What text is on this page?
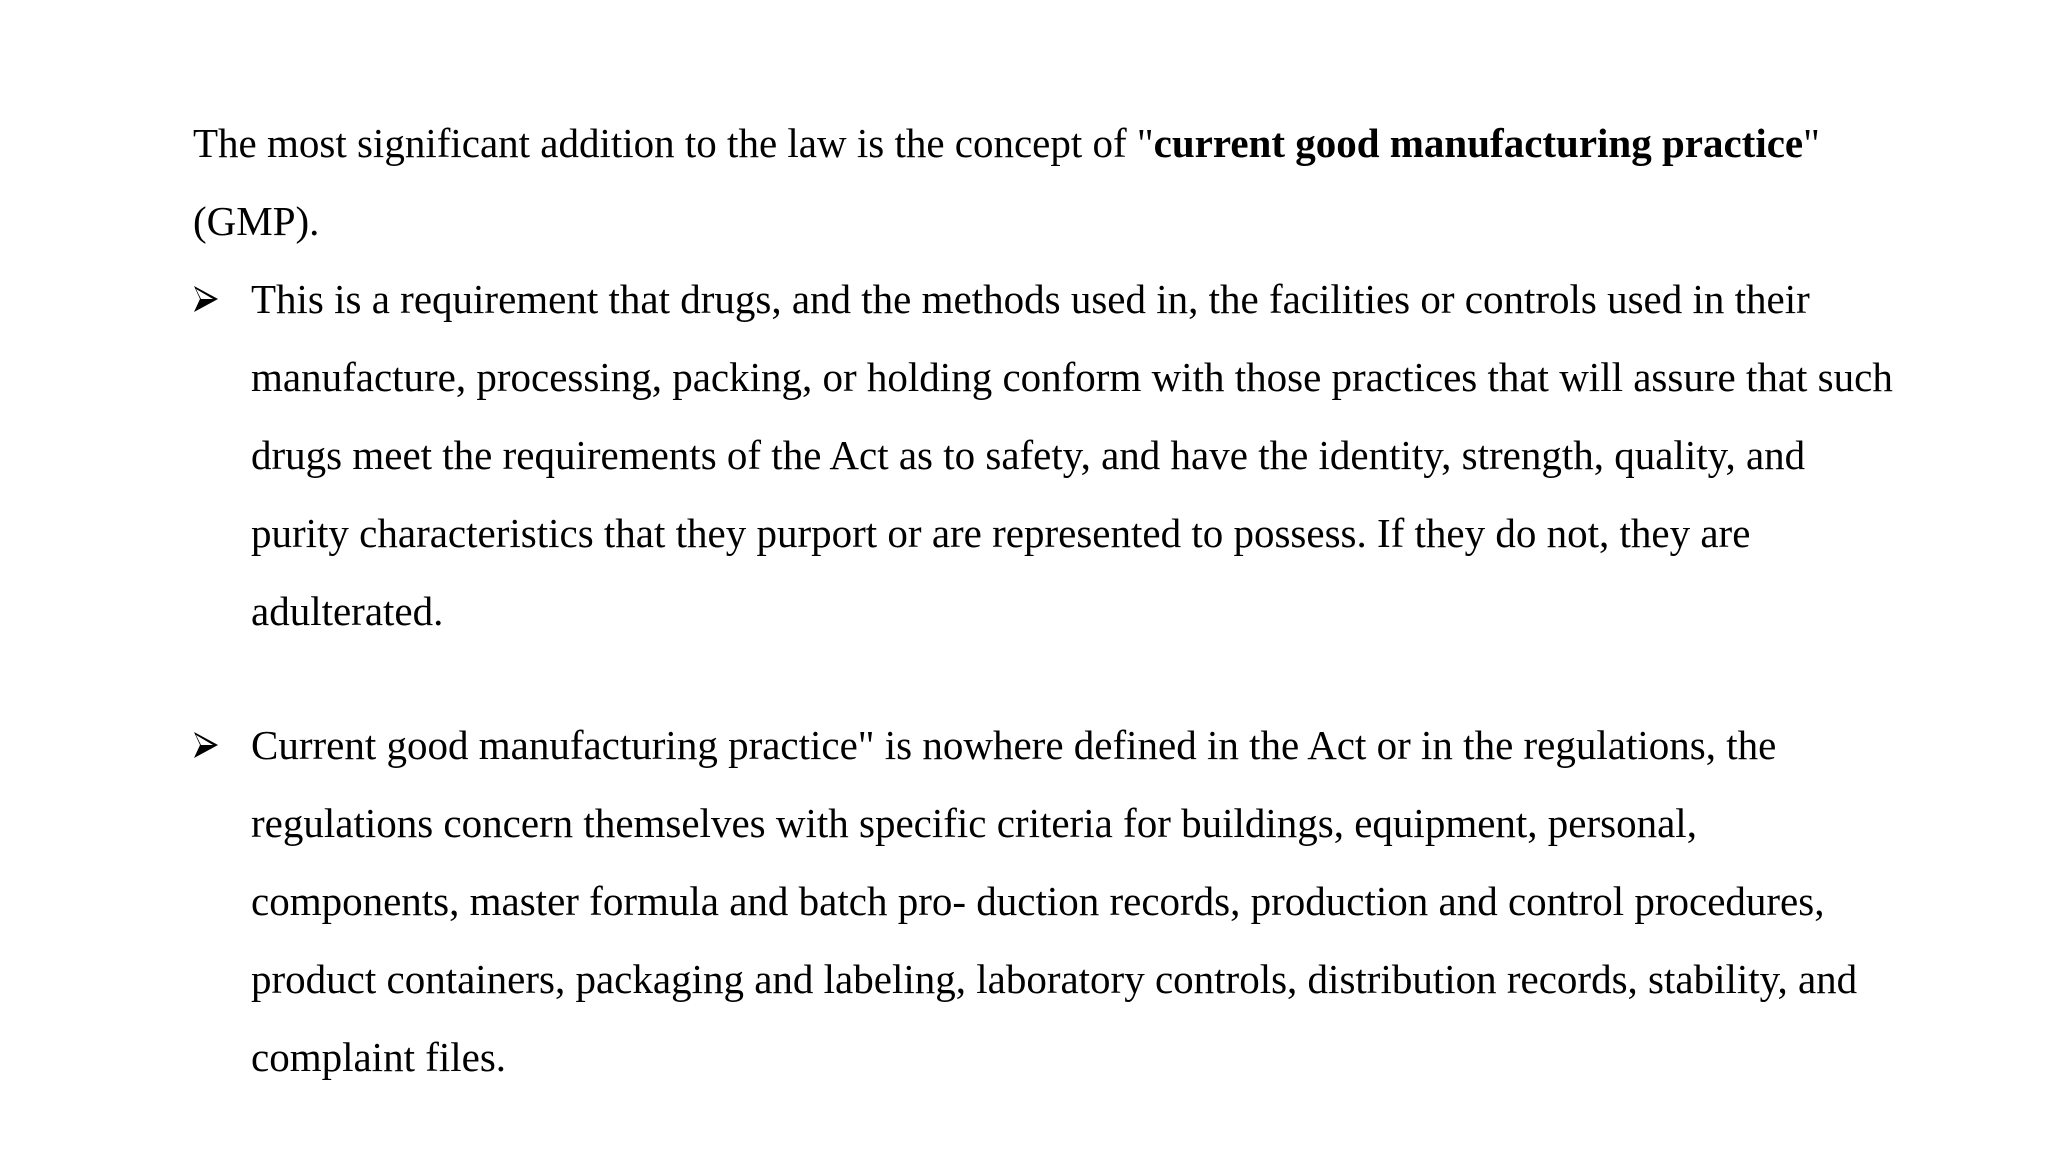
The most significant addition to the law is the concept of "current good manufacturing practice" (GMP).

This is a requirement that drugs, and the methods used in, the facilities or controls used in their manufacture, processing, packing, or holding conform with those practices that will assure that such drugs meet the requirements of the Act as to safety, and have the identity, strength, quality, and purity characteristics that they purport or are represented to possess. If they do not, they are adulterated.

Current good manufacturing practice" is nowhere defined in the Act or in the regulations, the regulations concern themselves with specific criteria for buildings, equipment, personal, components, master formula and batch pro- duction records, production and control procedures, product containers, packaging and labeling, laboratory controls, distribution records, stability, and complaint files.
